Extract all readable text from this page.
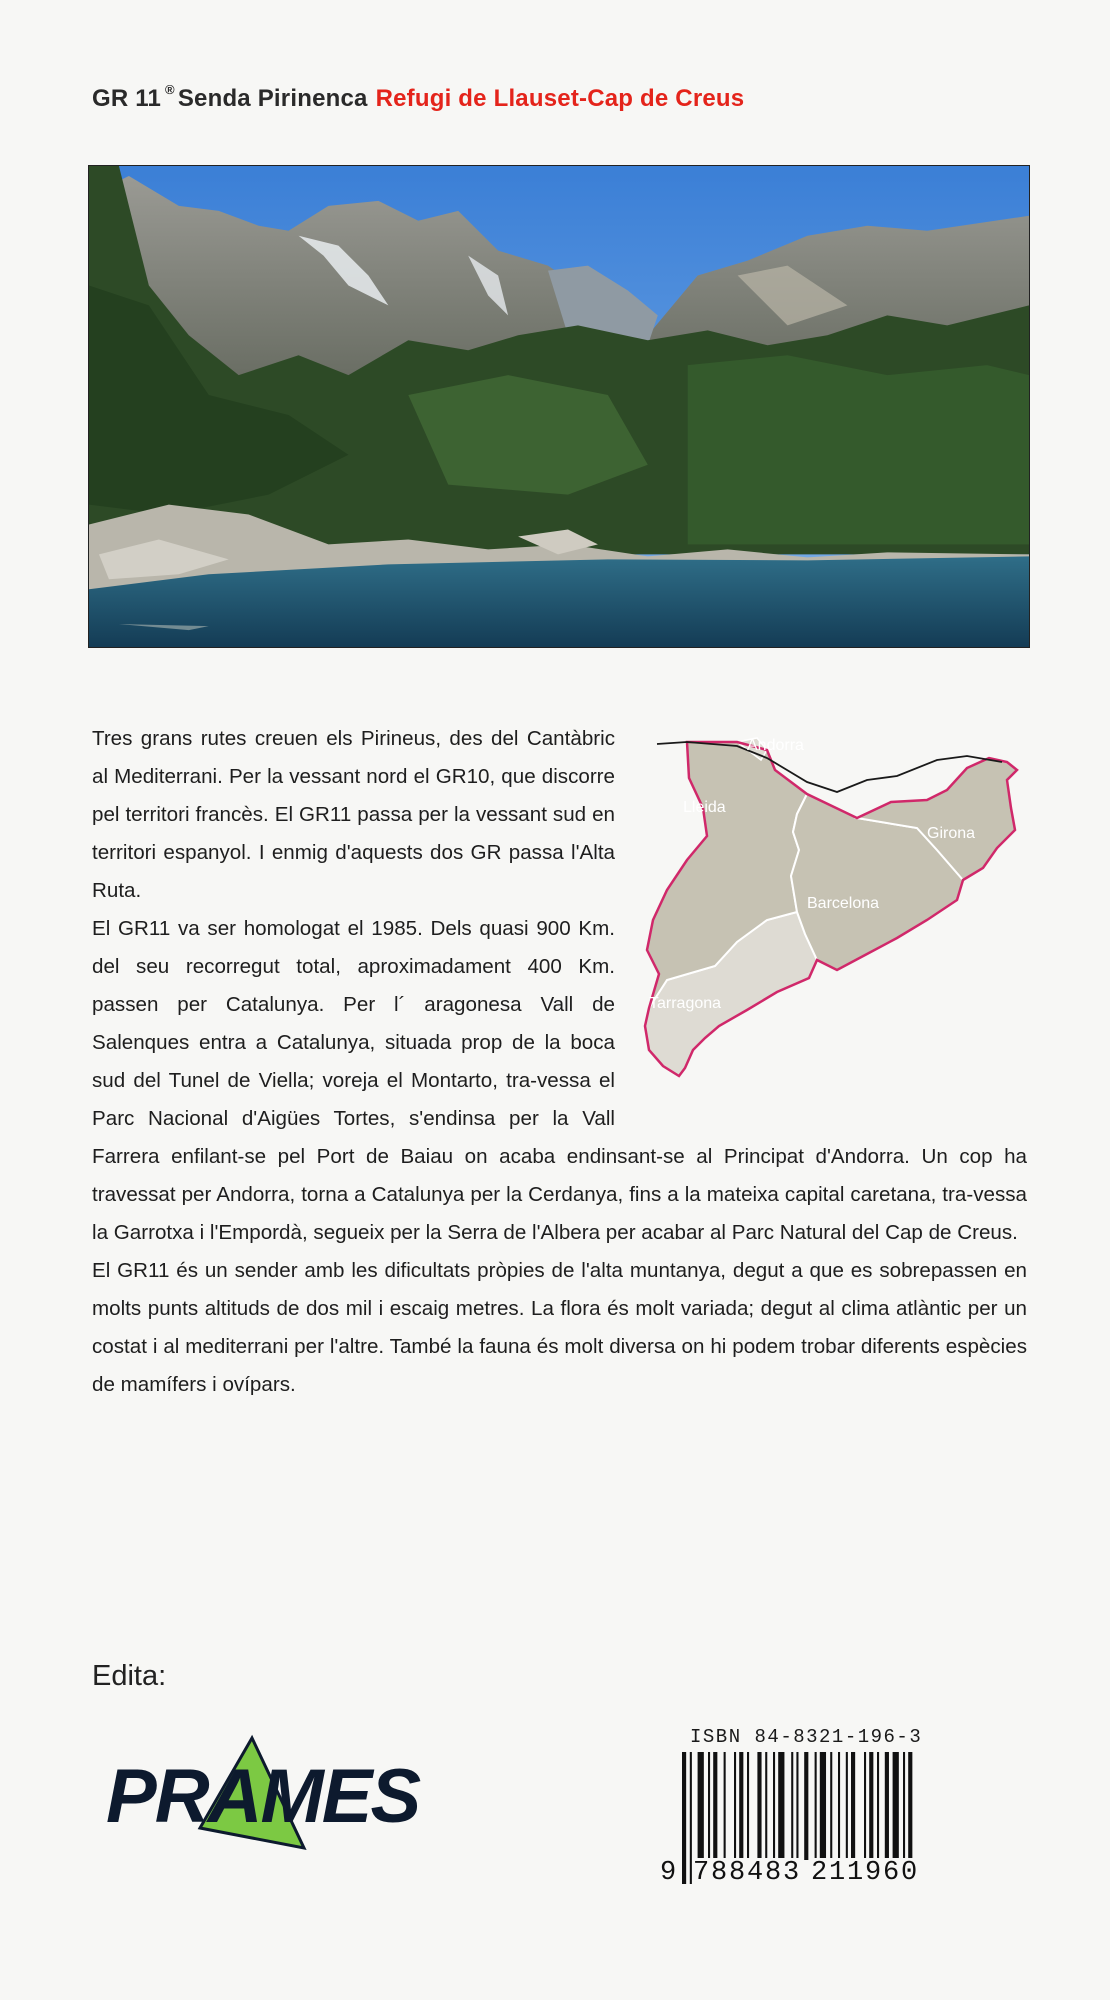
GR 11 ® Senda Pirinenca Refugi de Llauset-Cap de Creus
Andorra
Lleida
Girona
Barcelona
Tarragona

Tres grans rutes creuen els Pirineus, des del Cantàbric al Mediterrani. Per la vessant nord el GR10, que discorre pel territori francès. El GR11 passa per la vessant sud en territori espanyol. I enmig d'aquests dos GR passa l'Alta Ruta.

El GR11 va ser homologat el 1985. Dels quasi 900 Km. del seu recorregut total, aproximadament 400 Km. passen per Catalunya. Per l´ aragonesa Vall de Salenques entra a Catalunya, situada prop de la boca sud del Tunel de Viella; voreja el Montarto, tra-vessa el Parc Nacional d'Aigües Tortes, s'endinsa per la Vall Farrera enfilant-se pel Port de Baiau on acaba endinsant-se al Principat d'Andorra. Un cop ha travessat per Andorra, torna a Catalunya per la Cerdanya, fins a la mateixa capital caretana, tra-vessa la Garrotxa i l'Empordà, segueix per la Serra de l'Albera per acabar al Parc Natural del Cap de Creus.

El GR11 és un sender amb les dificultats pròpies de l'alta muntanya, degut a que es sobrepassen en molts punts altituds de dos mil i escaig metres. La flora és molt variada; degut al clima atlàntic per un costat i al mediterrani per l'altre. També la fauna és molt diversa on hi podem trobar diferents espècies de mamífers i ovípars.

Edita:
PRAMES
ISBN 84-8321-196-3
9 788483 211960
